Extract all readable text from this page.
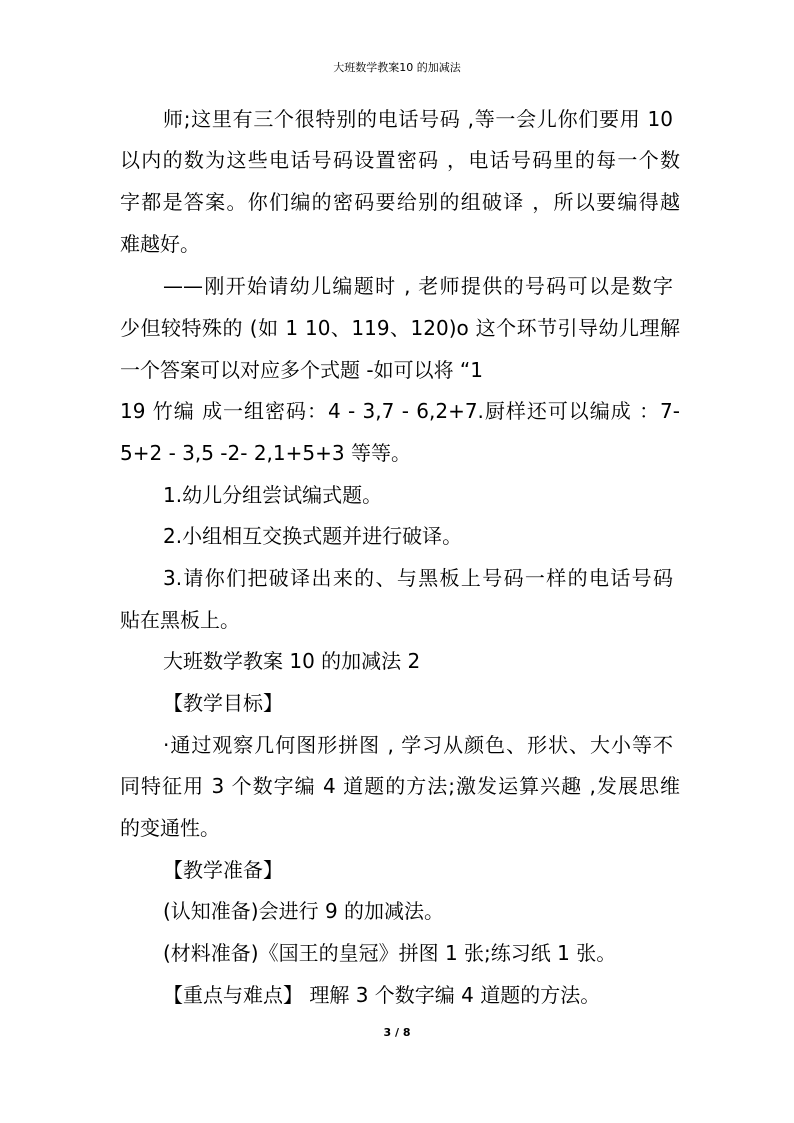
大班数学教案10 的加减法
师;这里有三个很特别的电话号码 ,等一会儿你们要用 10
以内的数为这些电话号码设置密码 ，电话号码里的每一个数
字都是答案。你们编的密码要给别的组破译 ，所以要编得越
难越好。
——刚开始请幼儿编题时 , 老师提供的号码可以是数字
少但较特殊的 (如 1 10、119、120)o 这个环节引导幼儿理解
一个答案可以对应多个式题 -如可以将 “1
19 竹编 成一组密码：4 - 3,7 - 6,2+7.厨样还可以编成 ：7-
5+2 - 3,5 -2- 2,1+5+3 等等。
1.幼儿分组尝试编式题。
2.小组相互交换式题并进行破译。
3.请你们把破译出来的、与黑板上号码一样的电话号码
贴在黑板上。
大班数学教案 10 的加减法 2
【教学目标】
·通过观察几何图形拼图 , 学习从颜色、形状、大小等不
同特征用 3 个数字编 4 道题的方法;激发运算兴趣 ,发展思维
的变通性。
【教学准备】
(认知准备)会进行 9 的加减法。
(材料准备)《国王的皇冠》拼图 1 张;练习纸 1 张。
【重点与难点】 理解 3 个数字编 4 道题的方法。
3 / 8
